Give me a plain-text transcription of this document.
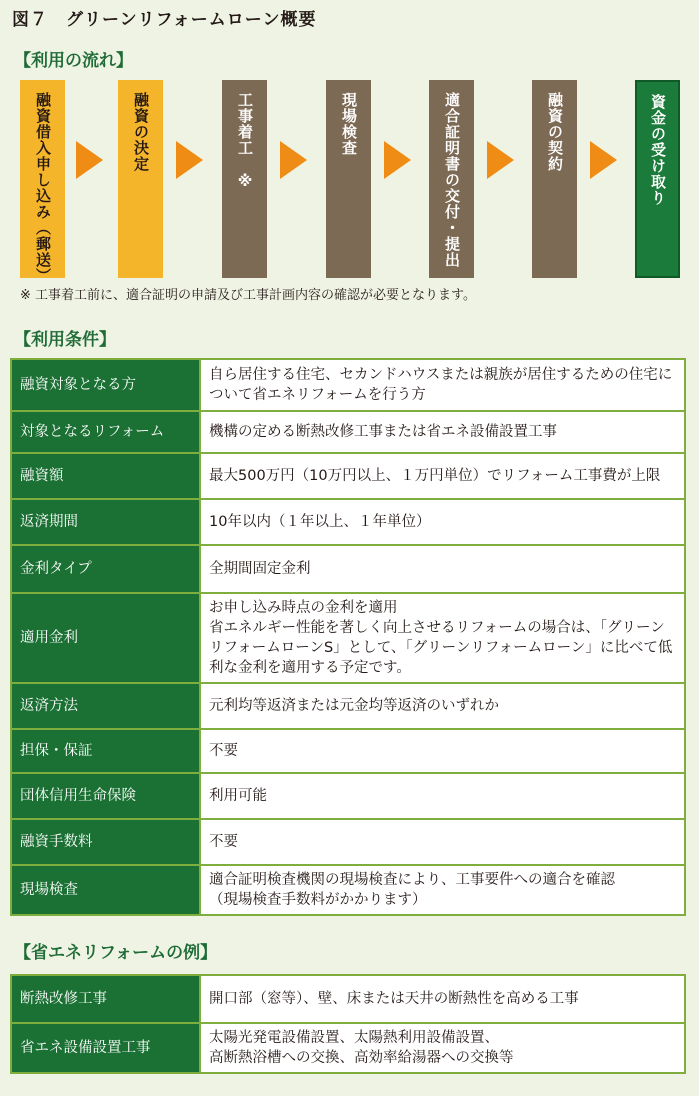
図７　グリーンリフォームローン概要
【利用の流れ】
融資借入申し込み（郵送）	融資の決定	工事着工　※	現場検査	適合証明書の交付・提出	融資の契約	資金の受け取り
※ 工事着工前に、適合証明の申請及び工事計画内容の確認が必要となります。
【利用条件】
融資対象となる方	自ら居住する住宅、セカンドハウスまたは親族が居住するための住宅について省エネリフォームを行う方
対象となるリフォーム	機構の定める断熱改修工事または省エネ設備設置工事
融資額	最大500万円（10万円以上、１万円単位）でリフォーム工事費が上限
返済期間	10年以内（１年以上、１年単位）
金利タイプ	全期間固定金利
適用金利	お申し込み時点の金利を適用
省エネルギー性能を著しく向上させるリフォームの場合は、「グリーンリフォームローンS」として、「グリーンリフォームローン」に比べて低利な金利を適用する予定です。
返済方法	元利均等返済または元金均等返済のいずれか
担保・保証	不要
団体信用生命保険	利用可能
融資手数料	不要
現場検査	適合証明検査機関の現場検査により、工事要件への適合を確認
（現場検査手数料がかかります）
【省エネリフォームの例】
断熱改修工事	開口部（窓等）、壁、床または天井の断熱性を高める工事
省エネ設備設置工事	太陽光発電設備設置、太陽熱利用設備設置、
高断熱浴槽への交換、高効率給湯器への交換等
